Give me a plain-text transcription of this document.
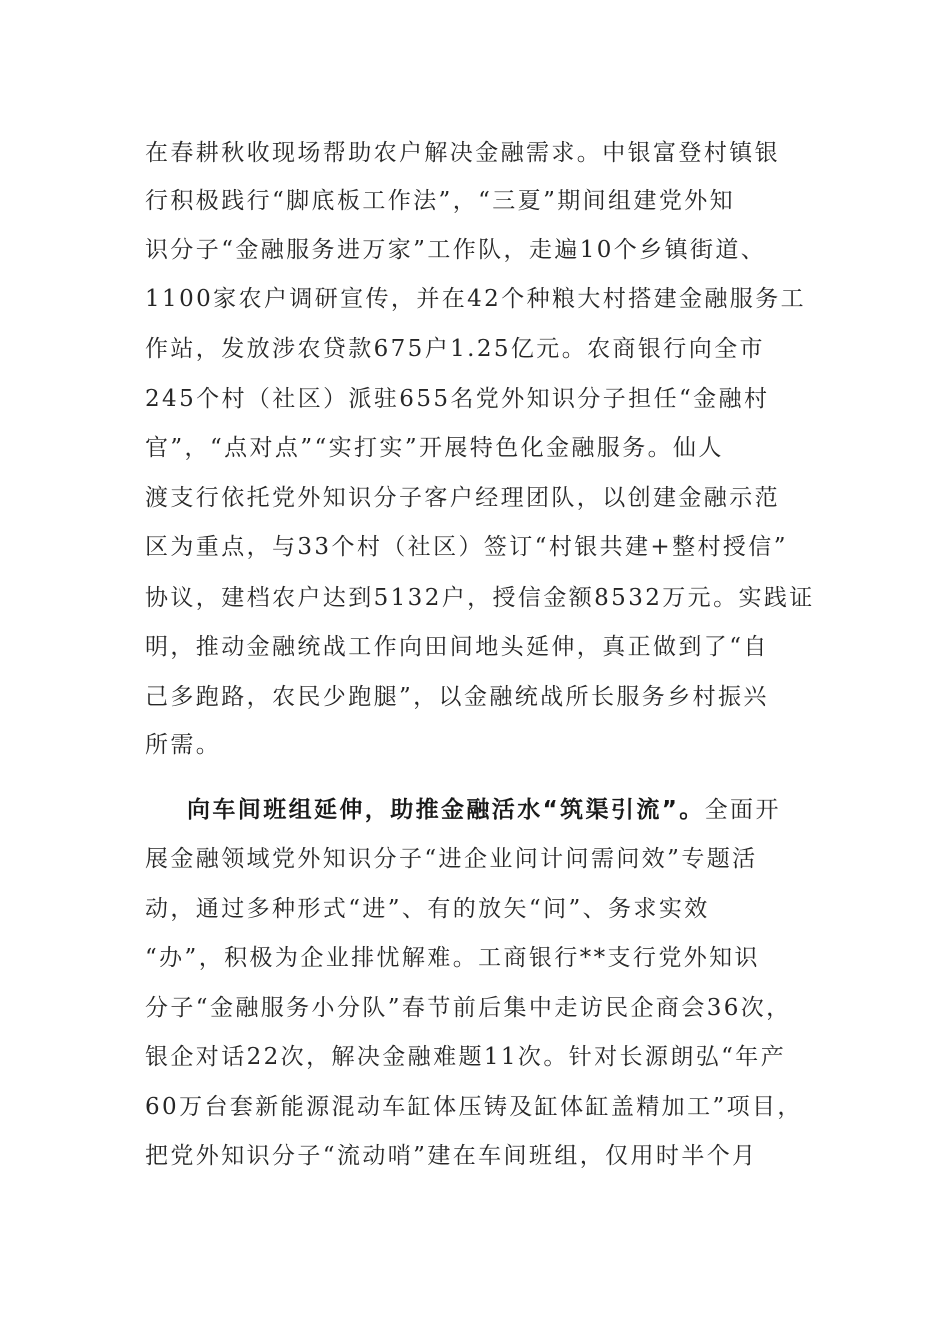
在春耕秋收现场帮助农户解决金融需求。中银富登村镇银
行积极践行“脚底板工作法”，“三夏”期间组建党外知
识分子“金融服务进万家”工作队，走遍10个乡镇街道、
1100家农户调研宣传，并在42个种粮大村搭建金融服务工
作站，发放涉农贷款675户1.25亿元。农商银行向全市
245个村（社区）派驻655名党外知识分子担任“金融村
官”，“点对点”“实打实”开展特色化金融服务。仙人
渡支行依托党外知识分子客户经理团队，以创建金融示范
区为重点，与33个村（社区）签订“村银共建+整村授信”
协议，建档农户达到5132户，授信金额8532万元。实践证
明，推动金融统战工作向田间地头延伸，真正做到了“自
己多跑路，农民少跑腿”，以金融统战所长服务乡村振兴
所需。
向车间班组延伸，助推金融活水“筑渠引流”。全面开
展金融领域党外知识分子“进企业问计问需问效”专题活
动，通过多种形式“进”、有的放矢“问”、务求实效
“办”，积极为企业排忧解难。工商银行**支行党外知识
分子“金融服务小分队”春节前后集中走访民企商会36次，
银企对话22次，解决金融难题11次。针对长源朗弘“年产
60万台套新能源混动车缸体压铸及缸体缸盖精加工”项目，
把党外知识分子“流动哨”建在车间班组，仅用时半个月
